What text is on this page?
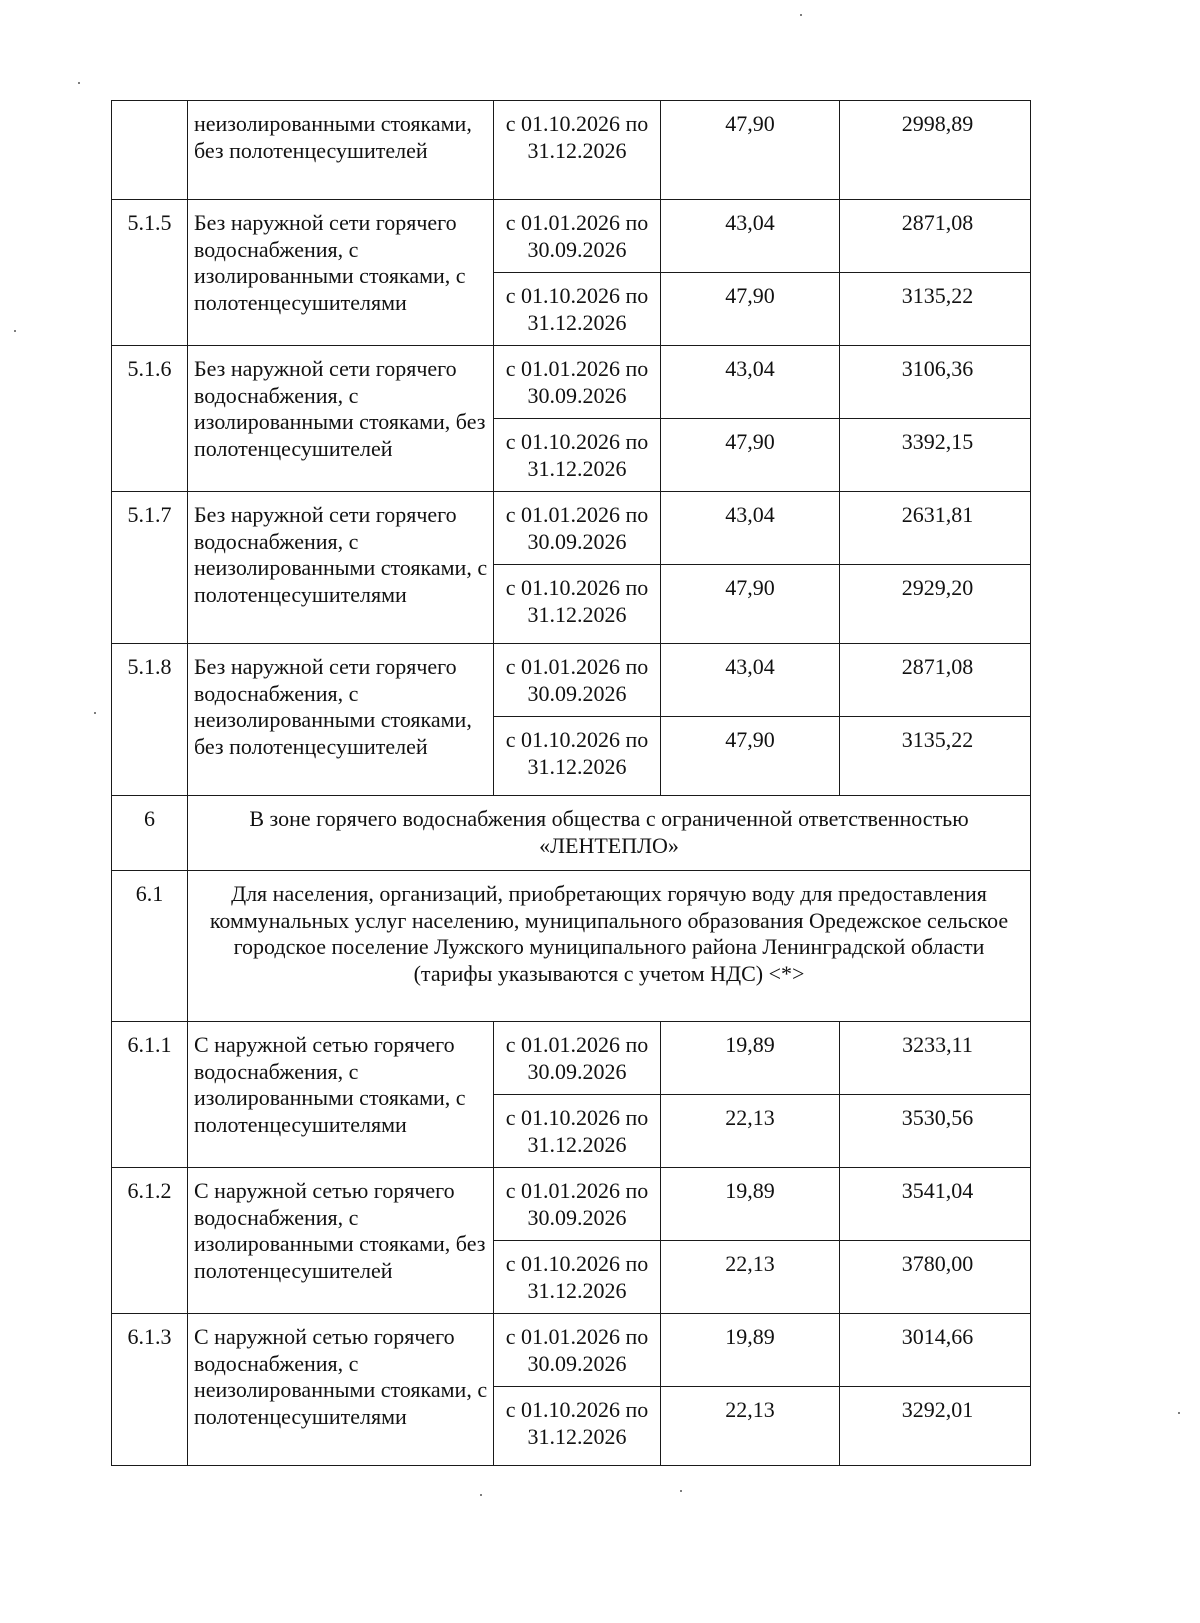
	неизолированными стояками, без полотенцесушителей	с 01.10.2026 по 31.12.2026	47,90	2998,89
5.1.5	Без наружной сети горячего водоснабжения, с изолированными стояками, с полотенцесушителями	с 01.01.2026 по 30.09.2026	43,04	2871,08
		с 01.10.2026 по 31.12.2026	47,90	3135,22
5.1.6	Без наружной сети горячего водоснабжения, с изолированными стояками, без полотенцесушителей	с 01.01.2026 по 30.09.2026	43,04	3106,36
		с 01.10.2026 по 31.12.2026	47,90	3392,15
5.1.7	Без наружной сети горячего водоснабжения, с неизолированными стояками, с полотенцесушителями	с 01.01.2026 по 30.09.2026	43,04	2631,81
		с 01.10.2026 по 31.12.2026	47,90	2929,20
5.1.8	Без наружной сети горячего водоснабжения, с неизолированными стояками, без полотенцесушителей	с 01.01.2026 по 30.09.2026	43,04	2871,08
		с 01.10.2026 по 31.12.2026	47,90	3135,22
6	В зоне горячего водоснабжения общества с ограниченной ответственностью «ЛЕНТЕПЛО»			
6.1	Для населения, организаций, приобретающих горячую воду для предоставления коммунальных услуг населению, муниципального образования Оредежское сельское городское поселение Лужского муниципального района Ленинградской области (тарифы указываются с учетом НДС) <*>			
6.1.1	С наружной сетью горячего водоснабжения, с изолированными стояками, с полотенцесушителями	с 01.01.2026 по 30.09.2026	19,89	3233,11
		с 01.10.2026 по 31.12.2026	22,13	3530,56
6.1.2	С наружной сетью горячего водоснабжения, с изолированными стояками, без полотенцесушителей	с 01.01.2026 по 30.09.2026	19,89	3541,04
		с 01.10.2026 по 31.12.2026	22,13	3780,00
6.1.3	С наружной сетью горячего водоснабжения, с неизолированными стояками, с полотенцесушителями	с 01.01.2026 по 30.09.2026	19,89	3014,66
		с 01.10.2026 по 31.12.2026	22,13	3292,01
